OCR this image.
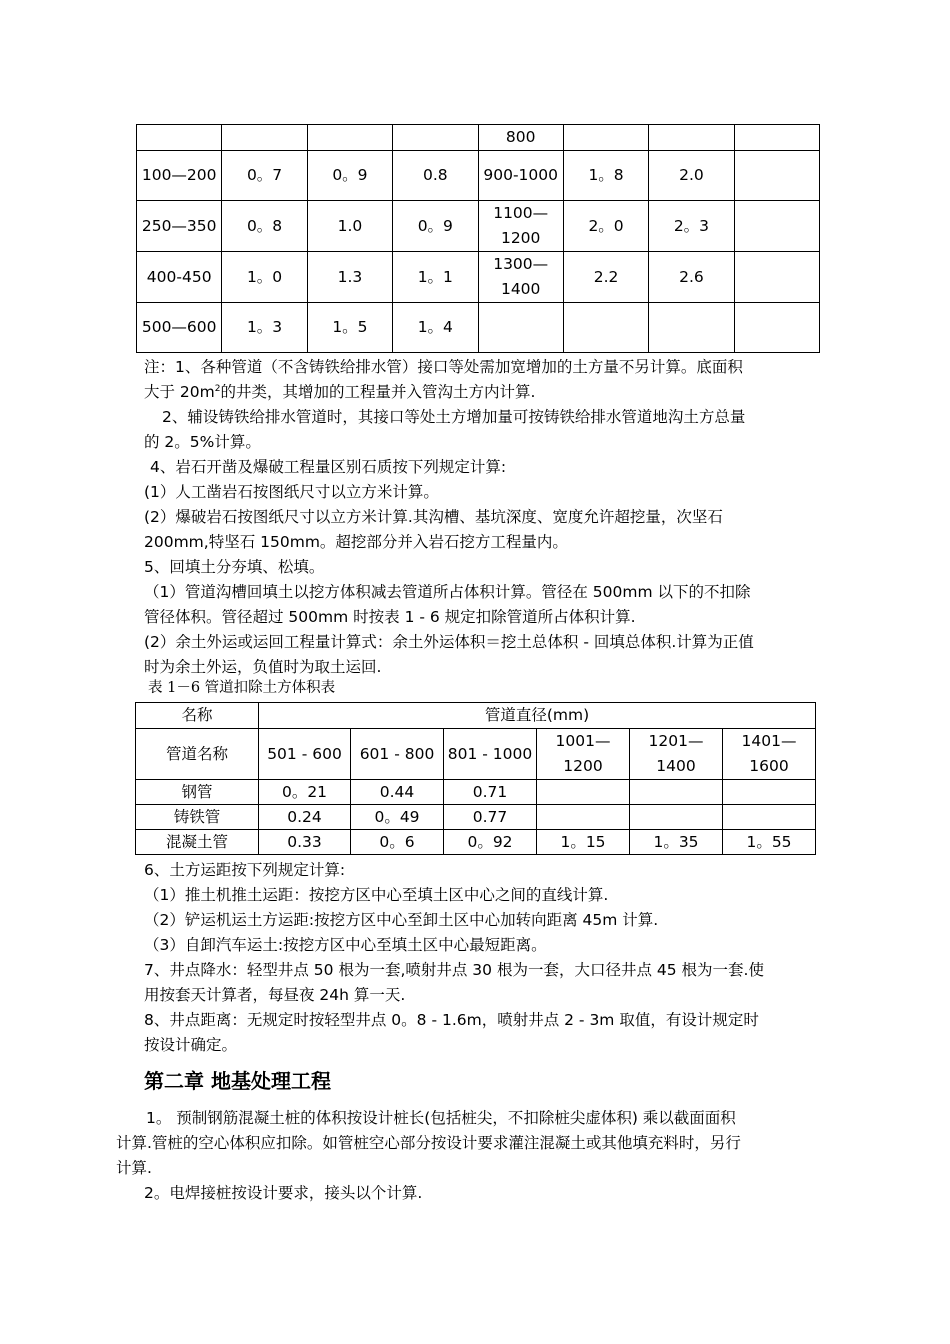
				800			
100—200	0。7	0。9	0.8	900-1000	1。8	2.0	
250—350	0。8	1.0	0。9	1100—1200	2。0	2。3	
400-450	1。0	1.3	1。1	1300—1400	2.2	2.6	
500—600	1。3	1。5	1。4				
注：1、各种管道（不含铸铁给排水管）接口等处需加宽增加的土方量不另计算。底面积
大于 $20m^2$的井类，其增加的工程量并入管沟土方内计算.
2、辅设铸铁给排水管道时，其接口等处土方增加量可按铸铁给排水管道地沟土方总量
的 2。5%计算。
4、岩石开凿及爆破工程量区别石质按下列规定计算:
(1）人工凿岩石按图纸尺寸以立方米计算。
(2）爆破岩石按图纸尺寸以立方米计算.其沟槽、基坑深度、宽度允许超挖量，次坚石
200mm,特坚石 150mm。超挖部分并入岩石挖方工程量内。
5、回填土分夯填、松填。
（1）管道沟槽回填土以挖方体积减去管道所占体积计算。管径在 500mm 以下的不扣除
管径体积。管径超过 500mm 时按表 1 - 6 规定扣除管道所占体积计算.
(2）余土外运或运回工程量计算式：余土外运体积＝挖土总体积 - 回填总体积.计算为正值
时为余土外运，负值时为取土运回.
表 1－6 管道扣除土方体积表
名称	管道直径(mm)					
管道名称	501 - 600	601 - 800	801 - 1000	1001—1200	1201—1400	1401—1600
钢管	0。21	0.44	0.71			
铸铁管	0.24	0。49	0.77			
混凝土管	0.33	0。6	0。92	1。15	1。35	1。55
6、土方运距按下列规定计算:
（1）推土机推土运距：按挖方区中心至填土区中心之间的直线计算.
（2）铲运机运土方运距:按挖方区中心至卸土区中心加转向距离 45m 计算.
（3）自卸汽车运土:按挖方区中心至填土区中心最短距离。
7、井点降水：轻型井点 50 根为一套,喷射井点 30 根为一套，大口径井点 45 根为一套.使
用按套天计算者，每昼夜 24h 算一天.
8、井点距离：无规定时按轻型井点 0。8 - 1.6m，喷射井点 2 - 3m 取值，有设计规定时
按设计确定。
第二章 地基处理工程
1。 预制钢筋混凝土桩的体积按设计桩长(包括桩尖，不扣除桩尖虚体积) 乘以截面面积
计算.管桩的空心体积应扣除。如管桩空心部分按设计要求灌注混凝土或其他填充料时，另行
计算.
2。电焊接桩按设计要求，接头以个计算.
